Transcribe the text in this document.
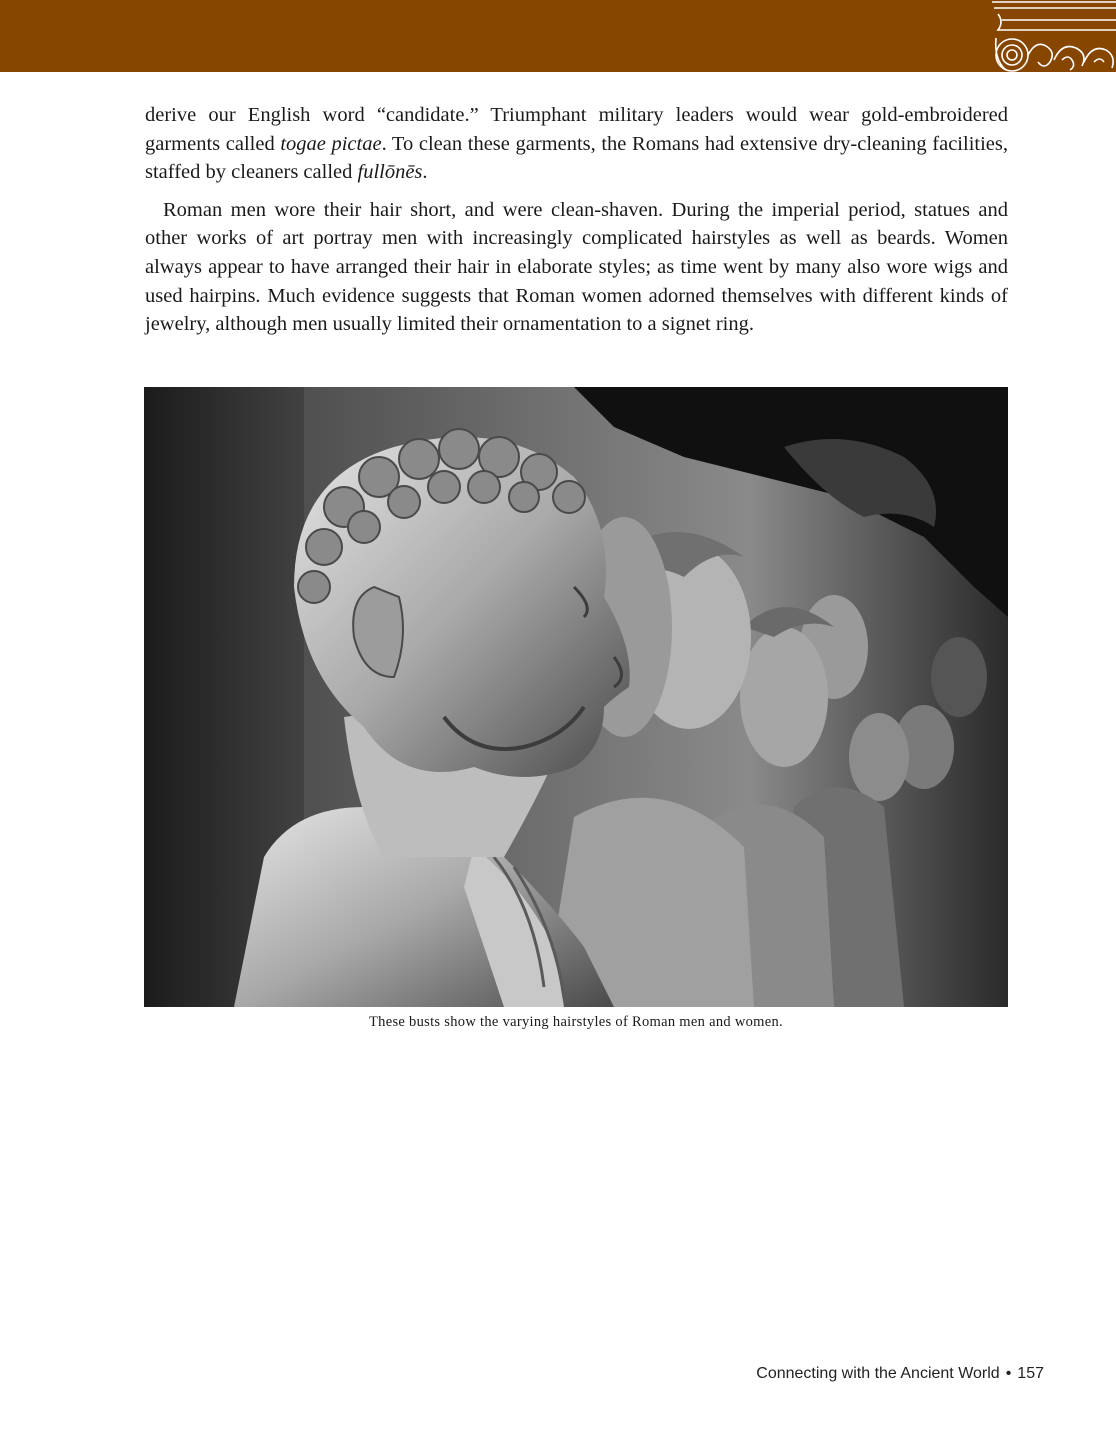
derive our English word “candidate.” Triumphant military leaders would wear gold-embroidered garments called togae pictae. To clean these garments, the Romans had extensive dry-cleaning facilities, staffed by cleaners called fullōnēs.

Roman men wore their hair short, and were clean-shaven. During the imperial period, statues and other works of art portray men with increasingly complicated hairstyles as well as beards. Women always appear to have arranged their hair in elaborate styles; as time went by many also wore wigs and used hairpins. Much evidence suggests that Roman women adorned themselves with different kinds of jewelry, although men usually limited their ornamentation to a signet ring.

These busts show the varying hairstyles of Roman men and women.
Connecting with the Ancient World • 157
